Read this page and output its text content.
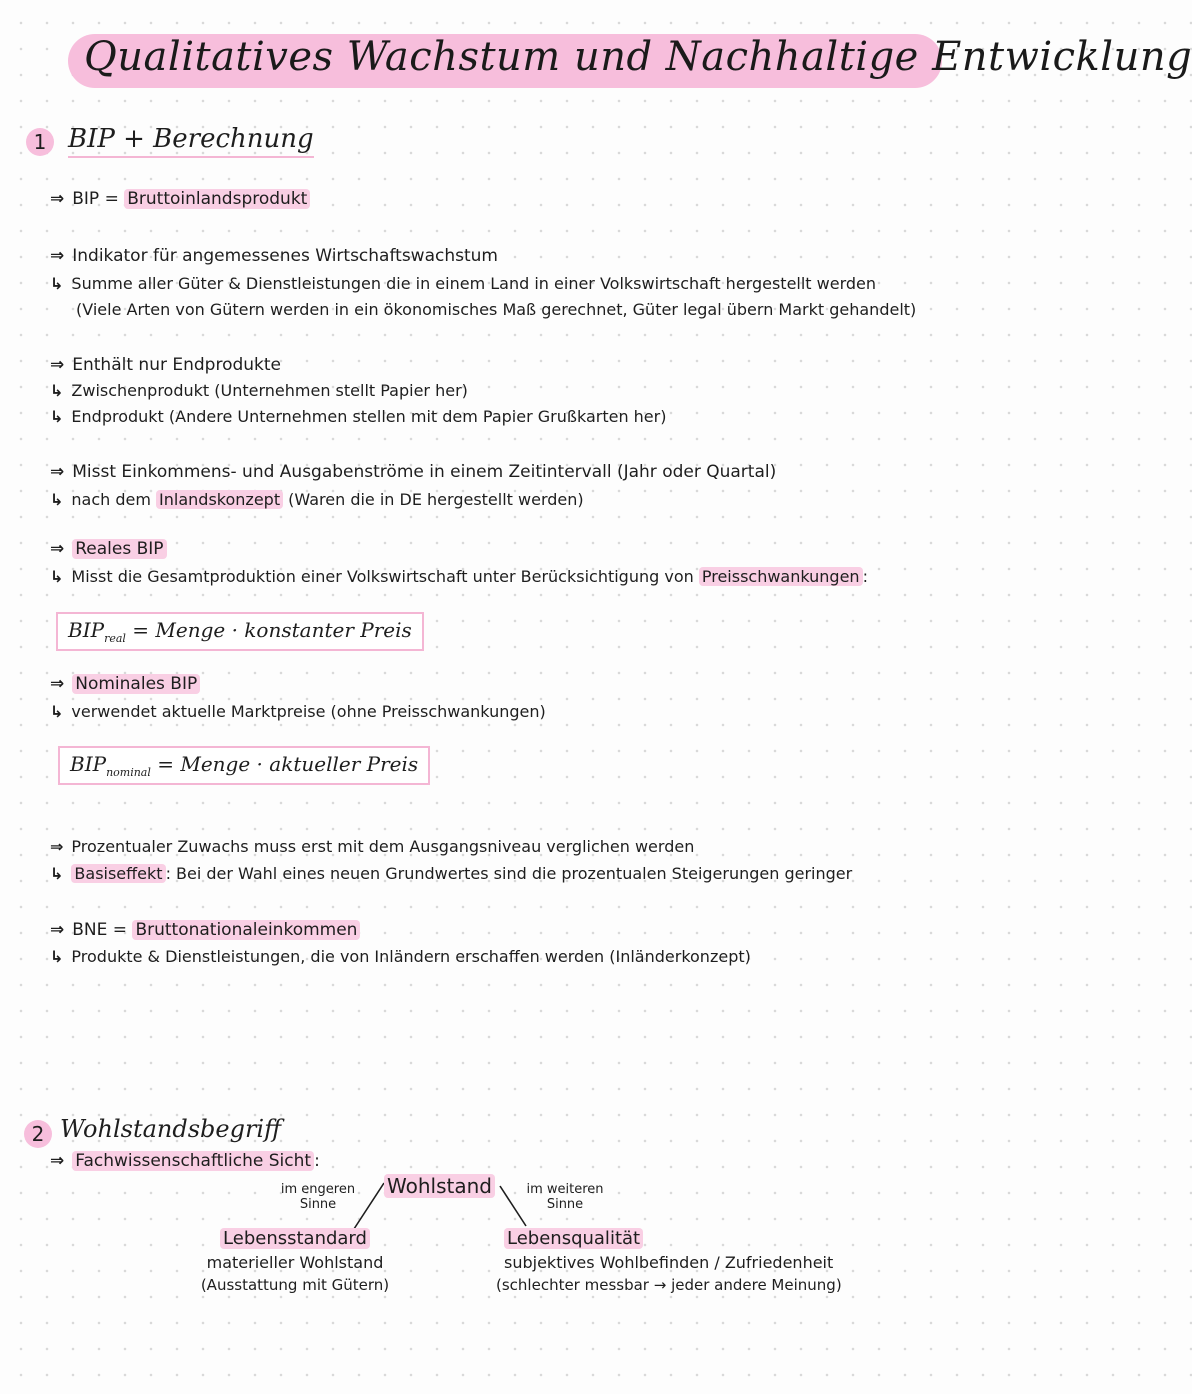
Qualitatives Wachstum und Nachhaltige Entwicklung
1 BIP + Berechnung
⇒ BIP = Bruttoinlandsprodukt
⇒ Indikator für angemessenes Wirtschaftswachstum
↳ Summe aller Güter & Dienstleistungen die in einem Land in einer Volkswirtschaft hergestellt werden
(Viele Arten von Gütern werden in ein ökonomisches Maß gerechnet, Güter legal übern Markt gehandelt)
⇒ Enthält nur Endprodukte
↳ Zwischenprodukt (Unternehmen stellt Papier her)
↳ Endprodukt (Andere Unternehmen stellen mit dem Papier Grußkarten her)
⇒ Misst Einkommens- und Ausgabenströme in einem Zeitintervall (Jahr oder Quartal)
↳ nach dem Inlandskonzept (Waren die in DE hergestellt werden)
⇒ Reales BIP
↳ Misst die Gesamtproduktion einer Volkswirtschaft unter Berücksichtigung von Preisschwankungen :
$BIP_{real}$ = Menge · konstanter Preis
⇒ Nominales BIP
↳ verwendet aktuelle Marktpreise (ohne Preisschwankungen)
$BIP_{nominal}$ = Menge · aktueller Preis
⇒ Prozentualer Zuwachs muss erst mit dem Ausgangsniveau verglichen werden
↳ Basiseffekt : Bei der Wahl eines neuen Grundwertes sind die prozentualen Steigerungen geringer
⇒ BNE = Bruttonationaleinkommen
↳ Produkte & Dienstleistungen, die von Inländern erschaffen werden (Inländerkonzept)
2 Wohlstandsbegriff
⇒ Fachwissenschaftliche Sicht :
Wohlstand
im engeren Sinne
im weiteren Sinne
Lebensstandard
materieller Wohlstand
(Ausstattung mit Gütern)
Lebensqualität
subjektives Wohlbefinden / Zufriedenheit
(schlechter messbar → jeder andere Meinung)
